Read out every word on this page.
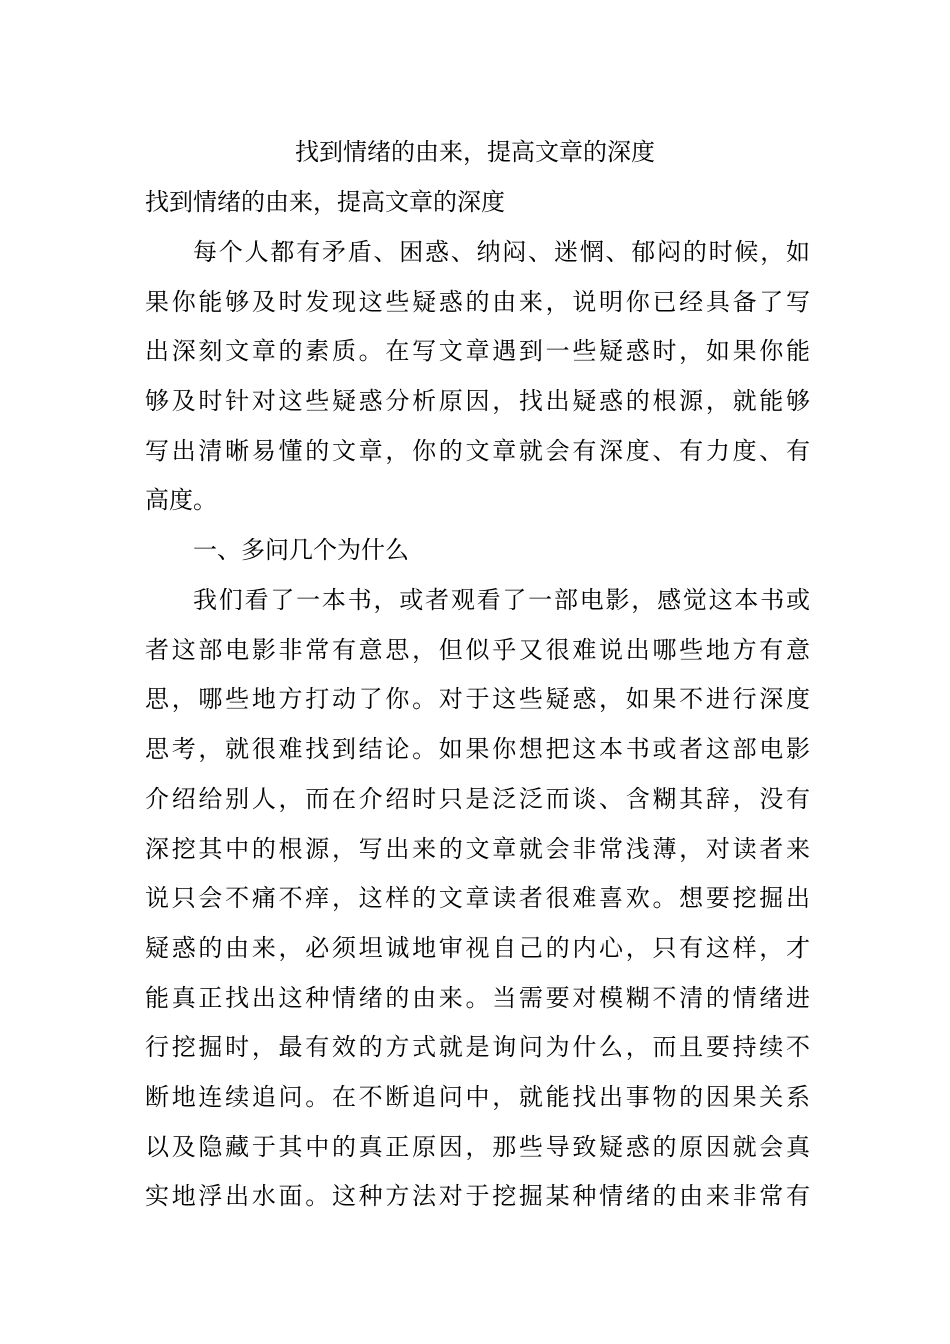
找到情绪的由来，提高文章的深度

找到情绪的由来，提高文章的深度

每个人都有矛盾、困惑、纳闷、迷惘、郁闷的时候，如

果你能够及时发现这些疑惑的由来，说明你已经具备了写

出深刻文章的素质。在写文章遇到一些疑惑时，如果你能

够及时针对这些疑惑分析原因，找出疑惑的根源，就能够

写出清晰易懂的文章，你的文章就会有深度、有力度、有

高度。

一、多问几个为什么

我们看了一本书，或者观看了一部电影，感觉这本书或

者这部电影非常有意思，但似乎又很难说出哪些地方有意

思，哪些地方打动了你。对于这些疑惑，如果不进行深度

思考，就很难找到结论。如果你想把这本书或者这部电影

介绍给别人，而在介绍时只是泛泛而谈、含糊其辞，没有

深挖其中的根源，写出来的文章就会非常浅薄，对读者来

说只会不痛不痒，这样的文章读者很难喜欢。想要挖掘出

疑惑的由来，必须坦诚地审视自己的内心，只有这样，才

能真正找出这种情绪的由来。当需要对模糊不清的情绪进

行挖掘时，最有效的方式就是询问为什么，而且要持续不

断地连续追问。在不断追问中，就能找出事物的因果关系

以及隐藏于其中的真正原因，那些导致疑惑的原因就会真

实地浮出水面。这种方法对于挖掘某种情绪的由来非常有
